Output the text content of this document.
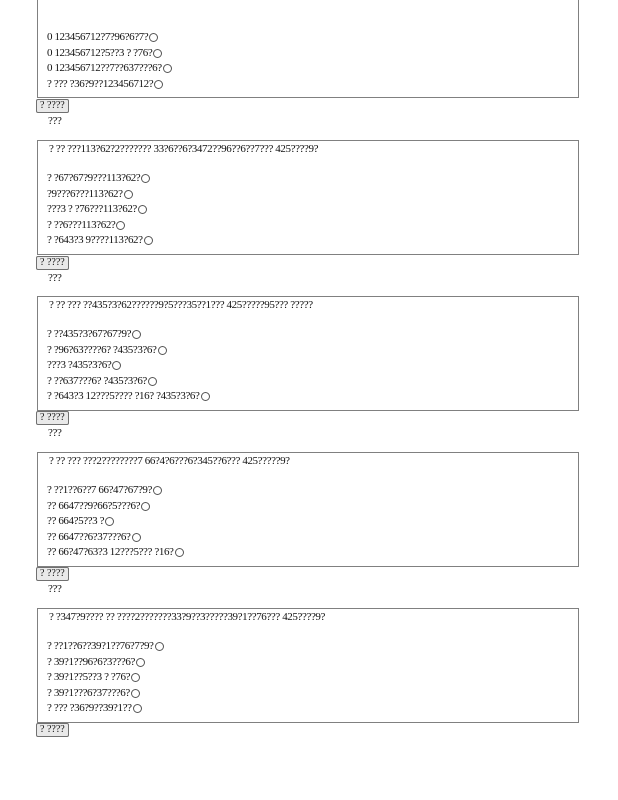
0 123456712?7?96?6?7?
0 123456712?5??3 ? ?76?
0 123456712??7??637???6?
? ??? ?36?9??123456712?
? ????
???
? ?? ???113?62?2??????? 33?6??6?3472??96??6??7??? 425????9?
? ?67?67?9???113?62?
?9???6???113?62?
???3 ? ?76???113?62?
? ??6???113?62?
? ?643?3 9????113?62?
? ????
???
? ?? ??? ??435?3?62??????9?5???35??1??? 425?????95??? ?????
? ??435?3?67?67?9?
? ?96?63????6? ?435?3?6?
???3 ?435?3?6?
? ??637???6? ?435?3?6?
? ?643?3 12???5???? ?16? ?435?3?6?
? ????
???
? ?? ??? ???2????????7 66?4?6???6?345??6??? 425?????9?
? ??1??6??7 66?47?67?9?
?? 6647??9?66?5???6?
?? 664?5??3 ?
?? 6647??6?37???6?
?? 66?47?63?3 12???5??? ?16?
? ????
???
? ?347?9???? ?? ????2???????33?9??3?????39?1??76??? 425????9?
? ??1??6??39?1??76?7?9?
? 39?1??96?6?3???6?
? 39?1??5??3 ? ?76?
? 39?1???6?37???6?
? ??? ?36?9??39?1??
? ????
